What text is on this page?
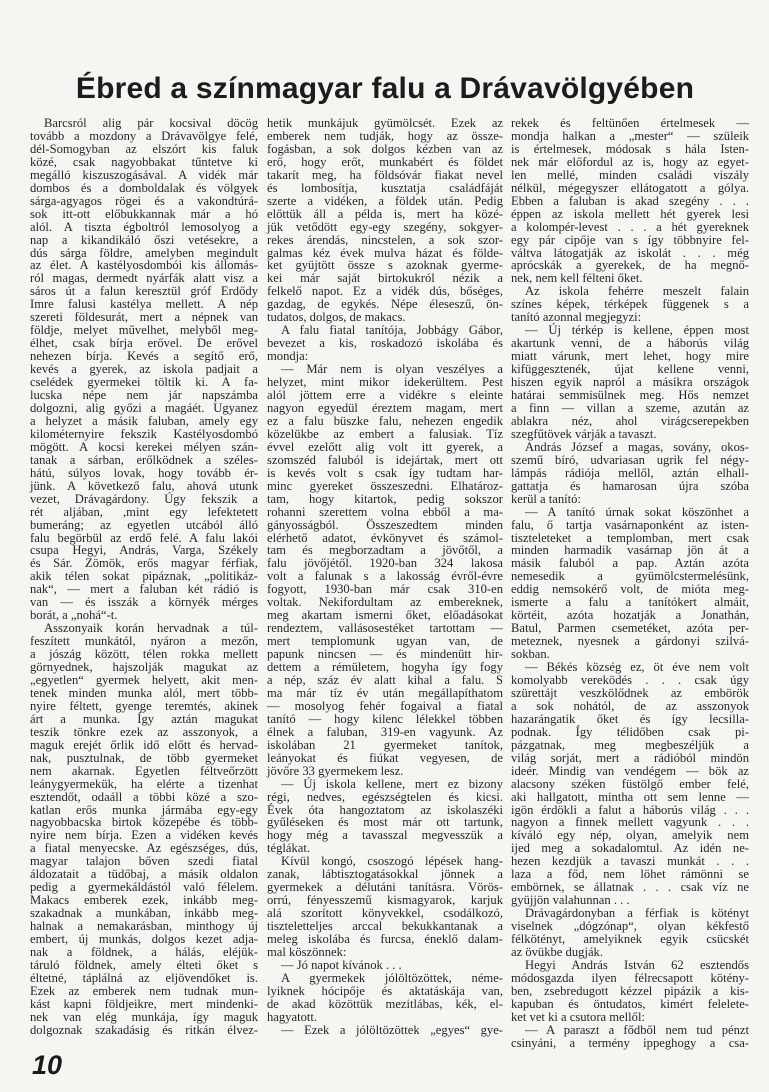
Ébred a színmagyar falu a Drávavölgyében
Barcsról alig pár kocsival döcög
tovább a mozdony a Drávavölgye felé,
dél-Somogyban az elszórt kis faluk
közé, csak nagyobbakat tűntetve ki
megálló kiszuszogásával. A vidék már
dombos és a domboldalak és völgyek
sárga-agyagos rögei és a vakondtúrá-
sok itt-ott előbukkannak már a hó
alól. A tiszta égboltról lemosolyog a
nap a kikandikáló őszi vetésekre, a
dús sárga földre, amelyben megindult
az élet. A kastélyosdombói kis állomás-
ról magas, dermedt nyárfák alatt visz a
sáros út a falun keresztül gróf Erdődy
Imre falusi kastélya mellett. A nép
szereti földesurát, mert a népnek van
földje, melyet művelhet, melyből meg-
élhet, csak bírja erővel. De erővel
nehezen bírja. Kevés a segítő erő,
kevés a gyerek, az iskola padjait a
cselédek gyermekei töltik ki. A fa-
lucska népe nem jár napszámba
dolgozni, alig győzi a magáét. Ugyanez
a helyzet a másik faluban, amely egy
kilométernyire fekszik Kastélyosdombó
mögött. A kocsi kerekei mélyen szán-
tanak a sárban, erőlködnek a széles-
hátú, súlyos lovak, hogy tovább ér-
jünk. A következő falu, ahová utunk
vezet, Drávagárdony. Úgy fekszik a
rét aljában, ,mint egy lefektetett
bumeráng; az egyetlen utcából álló
falu begörbül az erdő felé. A falu lakói
csupa Hegyi, András, Varga, Székely
és Sár. Zömök, erős magyar férfiak,
akik télen sokat pipáznak, „politikáz-
nak“, — mert a faluban két rádió is
van — és isszák a környék mérges
borát, a „nohá“-t.
Asszonyaik korán hervadnak a túl-
feszített munkától, nyáron a mezőn,
a jószág között, télen rokka mellett
görnyednek, hajszolják magukat az
„egyetlen“ gyermek helyett, akit men-
tenek minden munka alól, mert több-
nyire féltett, gyenge teremtés, akinek
árt a munka. Így aztán magukat
teszik tönkre ezek az asszonyok, a
maguk erejét őrlik idő előtt és hervad-
nak, pusztulnak, de több gyermeket
nem akarnak. Egyetlen féltveőrzött
leánygyermekük, ha elérte a tizenhat
esztendőt, odaáll a többi közé a szo-
katlan erős munka jármába egy-egy
nagyobbacska birtok közepébe és több-
nyire nem bírja. Ezen a vidéken kevés
a fiatal menyecske. Az egészséges, dús,
magyar talajon bőven szedi fiatal
áldozatait a tüdőbaj, a másik oldalon
pedig a gyermekáldástól való félelem.
Makacs emberek ezek, inkább meg-
szakadnak a munkában, inkább meg-
halnak a nemakarásban, minthogy új
embert, új munkás, dolgos kezet adja-
nak a földnek, a hálás, eléjük-
táruló földnek, amely élteti őket s
éltetné, táplálná az eljövendőket is.
Ezek az emberek nem tudnak mun-
kást kapni földjeikre, mert mindenki-
nek van elég munkája, így maguk
dolgoznak szakadásig és ritkán élvez-
hetik munkájuk gyümölcsét. Ezek az
emberek nem tudják, hogy az össze-
fogásban, a sok dolgos kézben van az
erő, hogy erőt, munkabért és földet
takarít meg, ha földsóvár fiakat nevel
és lombosítja, kusztatja családfáját
szerte a vidéken, a földek után. Pedig
előttük áll a példa is, mert ha közé-
jük vetődött egy-egy szegény, sokgyer-
rekes árendás, nincstelen, a sok szor-
galmas kéz évek mulva házat és földe-
ket gyüjtött össze s azoknak gyerme-
kei már saját birtokukról nézik a
felkelő napot. Ez a vidék dús, bőséges,
gazdag, de egykés. Népe éleseszű, ön-
tudatos, dolgos, de makacs.
A falu fiatal tanítója, Jobbágy Gábor,
bevezet a kis, roskadozó iskolába és
mondja:
— Már nem is olyan veszélyes a
helyzet, mint mikor idekerültem. Pest
alól jöttem erre a vidékre s eleinte
nagyon egyedül éreztem magam, mert
ez a falu büszke falu, nehezen engedik
közelükbe az embert a falusiak. Tíz
évvel ezelőtt alig volt itt gyerek, a
szomszéd faluból is idejártak, mert ott
is kevés volt s csak így tudtam har-
minc gyereket összeszedni. Elhatároz-
tam, hogy kitartok, pedig sokszor
rohanni szerettem volna ebből a ma-
gányosságból. Összeszedtem minden
elérhető adatot, évkönyvet és számol-
tam és megborzadtam a jövőtől, a
falu jövőjétől. 1920-ban 324 lakosa
volt a falunak s a lakosság évről-évre
fogyott, 1930-ban már csak 310-en
voltak. Nekifordultam az embereknek,
meg akartam ismerni őket, előadásokat
rendeztem, vallásosestéket tartottam —
mert templomunk ugyan van, de
papunk nincsen — és mindenütt hir-
dettem a rémületem, hogyha így fogy
a nép, száz év alatt kihal a falu. S
ma már tíz év után megállapíthatom
— mosolyog fehér fogaival a fiatal
tanító — hogy kilenc lélekkel többen
élnek a faluban, 319-en vagyunk. Az
iskolában 21 gyermeket tanítok,
leányokat és fiúkat vegyesen, de
jövőre 33 gyermekem lesz.
— Új iskola kellene, mert ez bizony
régi, nedves, egészségtelen és kicsi.
Évek óta hangoztatom az iskolaszéki
gyűléseken és most már ott tartunk,
hogy még a tavasszal megvesszük a
téglákat.
Kívül kongó, csoszogó lépések hang-
zanak, lábtisztogatásokkal jönnek a
gyermekek a délutáni tanításra. Vörös-
orrú, fényesszemű kismagyarok, karjuk
alá szorított könyvekkel, csodálkozó,
tiszteletteljes arccal bekukkantanak a
meleg iskolába és furcsa, éneklő dalam-
mal köszönnek:
— Jó napot kívánok . . .
A gyermekek jólöltözöttek, néme-
lyiknek hócipője és aktatáskája van,
de akad közöttük mezitlábas, kék, el-
hagyatott.
— Ezek a jólöltözöttek „egyes“ gye-
rekek és feltünően értelmesek —
mondja halkan a „mester“ — szüleik
is értelmesek, módosak s hála Isten-
nek már előfordul az is, hogy az egyet-
len mellé, minden családi viszály
nélkül, mégegyszer ellátogatott a gólya.
Ebben a faluban is akad szegény . . .
éppen az iskola mellett hét gyerek lesi
a kolompér-levest . . . a hét gyereknek
egy pár cipője van s így többnyire fel-
váltva látogatják az iskolát . . . még
aprócskák a gyerekek, de ha megnő-
nek, nem kell félteni őket.
Az iskola fehérre meszelt falain
színes képek, térképek függenek s a
tanító azonnal megjegyzi:
— Új térkép is kellene, éppen most
akartunk venni, de a háborús világ
miatt várunk, mert lehet, hogy mire
kifüggesztenék, újat kellene venni,
hiszen egyik napról a másikra országok
határai semmisülnek meg. Hős nemzet
a finn — villan a szeme, azután az
ablakra néz, ahol virágcserepekben
szegfűtövek várják a tavaszt.
András József a magas, sovány, okos-
szemű bíró, udvariasan ugrik fel négy-
lámpás rádiója mellől, aztán elhall-
gattatja és hamarosan újra szóba
kerül a tanító:
— A tanító úrnak sokat köszönhet a
falu, ő tartja vasárnaponként az isten-
tiszteleteket a templomban, mert csak
minden harmadik vasárnap jön át a
másik faluból a pap. Aztán azóta
nemesedik a gyümölcstermelésünk,
eddig nemsokérő volt, de mióta meg-
ismerte a falu a tanítókert almáit,
körtéit, azóta hozatják a Jonathán,
Batul, Parmen csemetéket, azóta per-
meteznek, nyesnek a gárdonyi szilvá-
sokban.
— Békés község ez, öt éve nem volt
komolyabb vereködés . . . csak úgy
szürettájt veszkölődnek az embörök
a sok nohától, de az asszonyok
hazarángatik őket és így lecsilla-
podnak. Így télidőben csak pi-
pázgatnak, meg megbeszéljük a
világ sorját, mert a rádióból mindön
ideér. Mindig van vendégem — bök az
alacsony széken füstölgő ember felé,
aki hallgatott, mintha ott sem lenne —
igön érdökli a falut a háborús világ . . .
nagyon a finnek mellett vagyunk . . .
kíváló egy nép, olyan, amelyik nem
ijed meg a sokadalomtul. Az idén ne-
hezen kezdjük a tavaszi munkát . . .
laza a főd, nem löhet rámönni se
embörnek, se állatnak . . . csak víz ne
gyüjjön valahunnan . . .
Drávagárdonyban a férfiak is kötényt
viselnek „dógzónap“, olyan kékfestő
félkötényt, amelyiknek egyik csücskét
az övükbe dugják.
Hegyi András István 62 esztendős
módosgazda ilyen félrecsapott kötény-
ben, zsebredugott kézzel pipázik a kis-
kapuban és öntudatos, kimért felelete-
ket vet ki a csutora mellől:
— A paraszt a fődből nem tud pénzt
csinyáni, a termény ippeghogy a csa-
10
